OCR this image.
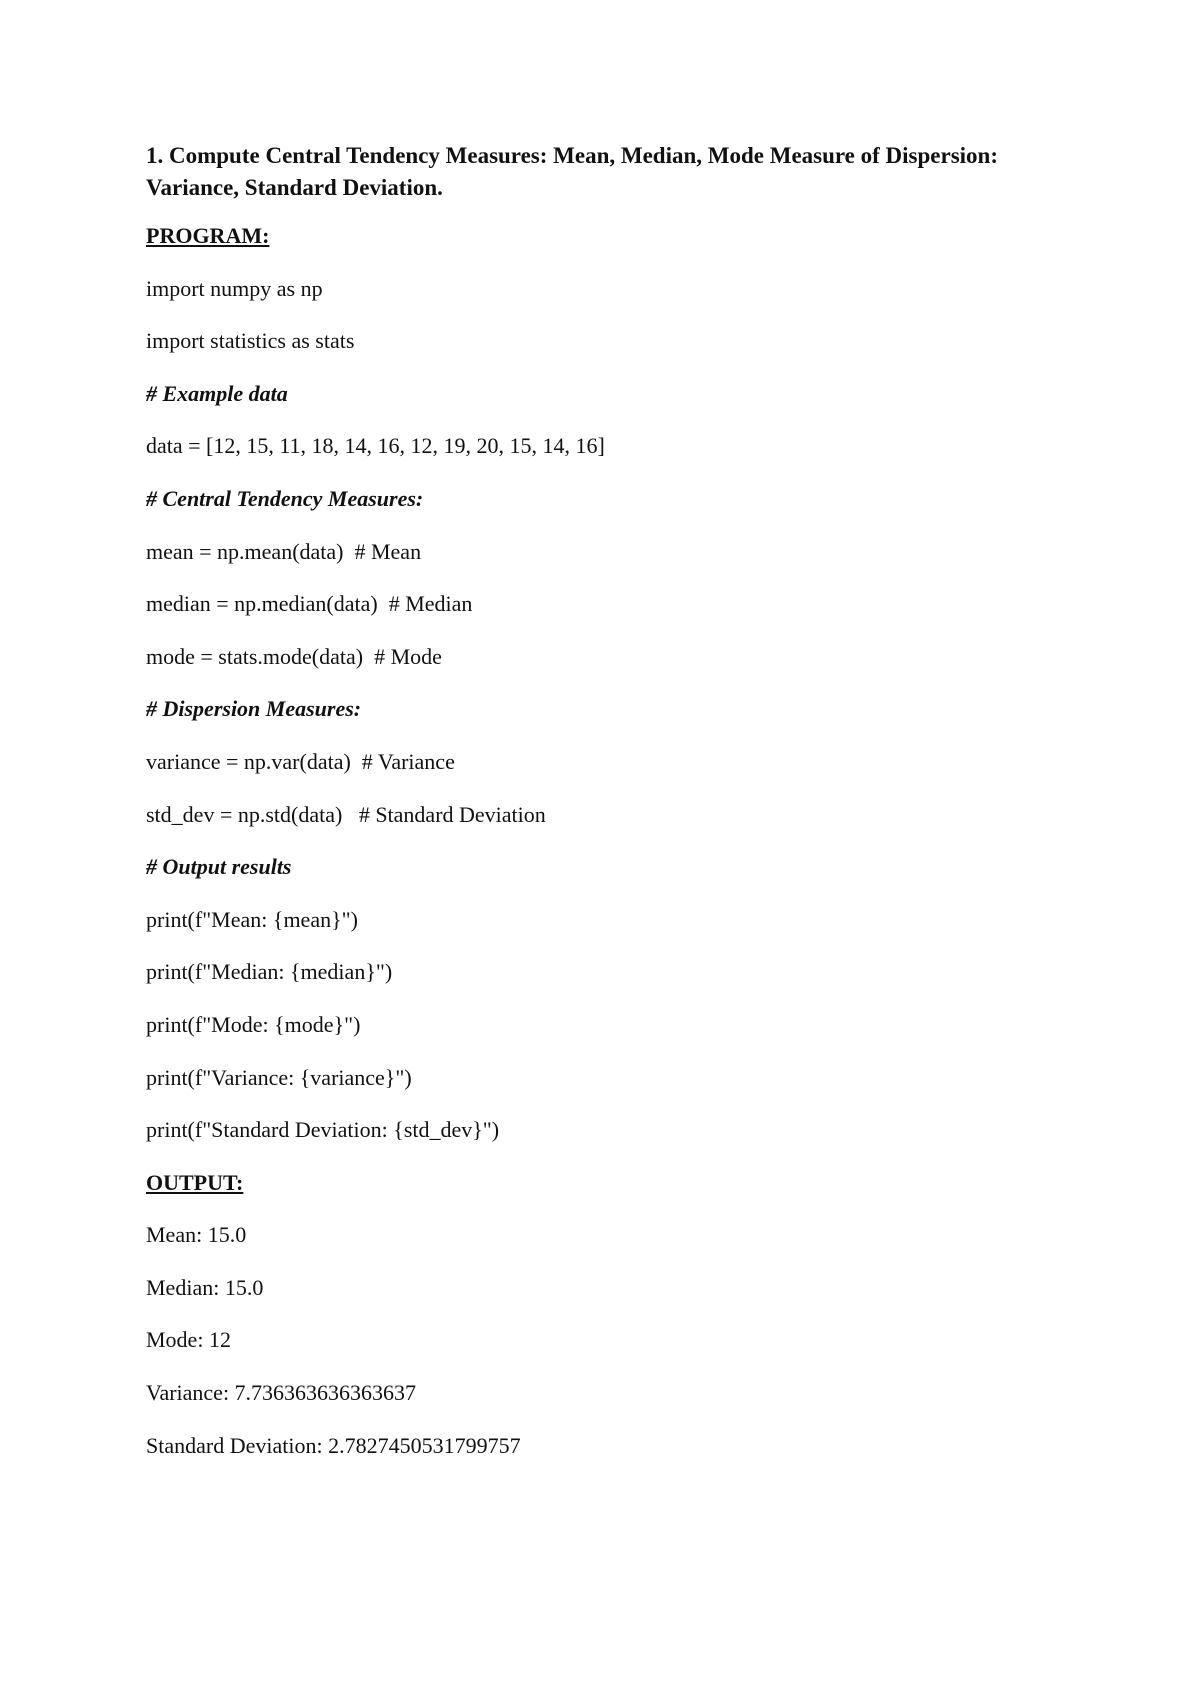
1. Compute Central Tendency Measures: Mean, Median, Mode Measure of Dispersion: Variance, Standard Deviation.
PROGRAM:
import numpy as np
import statistics as stats
# Example data
data = [12, 15, 11, 18, 14, 16, 12, 19, 20, 15, 14, 16]
# Central Tendency Measures:
mean = np.mean(data)  # Mean
median = np.median(data)  # Median
mode = stats.mode(data)  # Mode
# Dispersion Measures:
variance = np.var(data)  # Variance
std_dev = np.std(data)   # Standard Deviation
# Output results
print(f"Mean: {mean}")
print(f"Median: {median}")
print(f"Mode: {mode}")
print(f"Variance: {variance}")
print(f"Standard Deviation: {std_dev}")
OUTPUT:
Mean: 15.0
Median: 15.0
Mode: 12
Variance: 7.736363636363637
Standard Deviation: 2.7827450531799757
